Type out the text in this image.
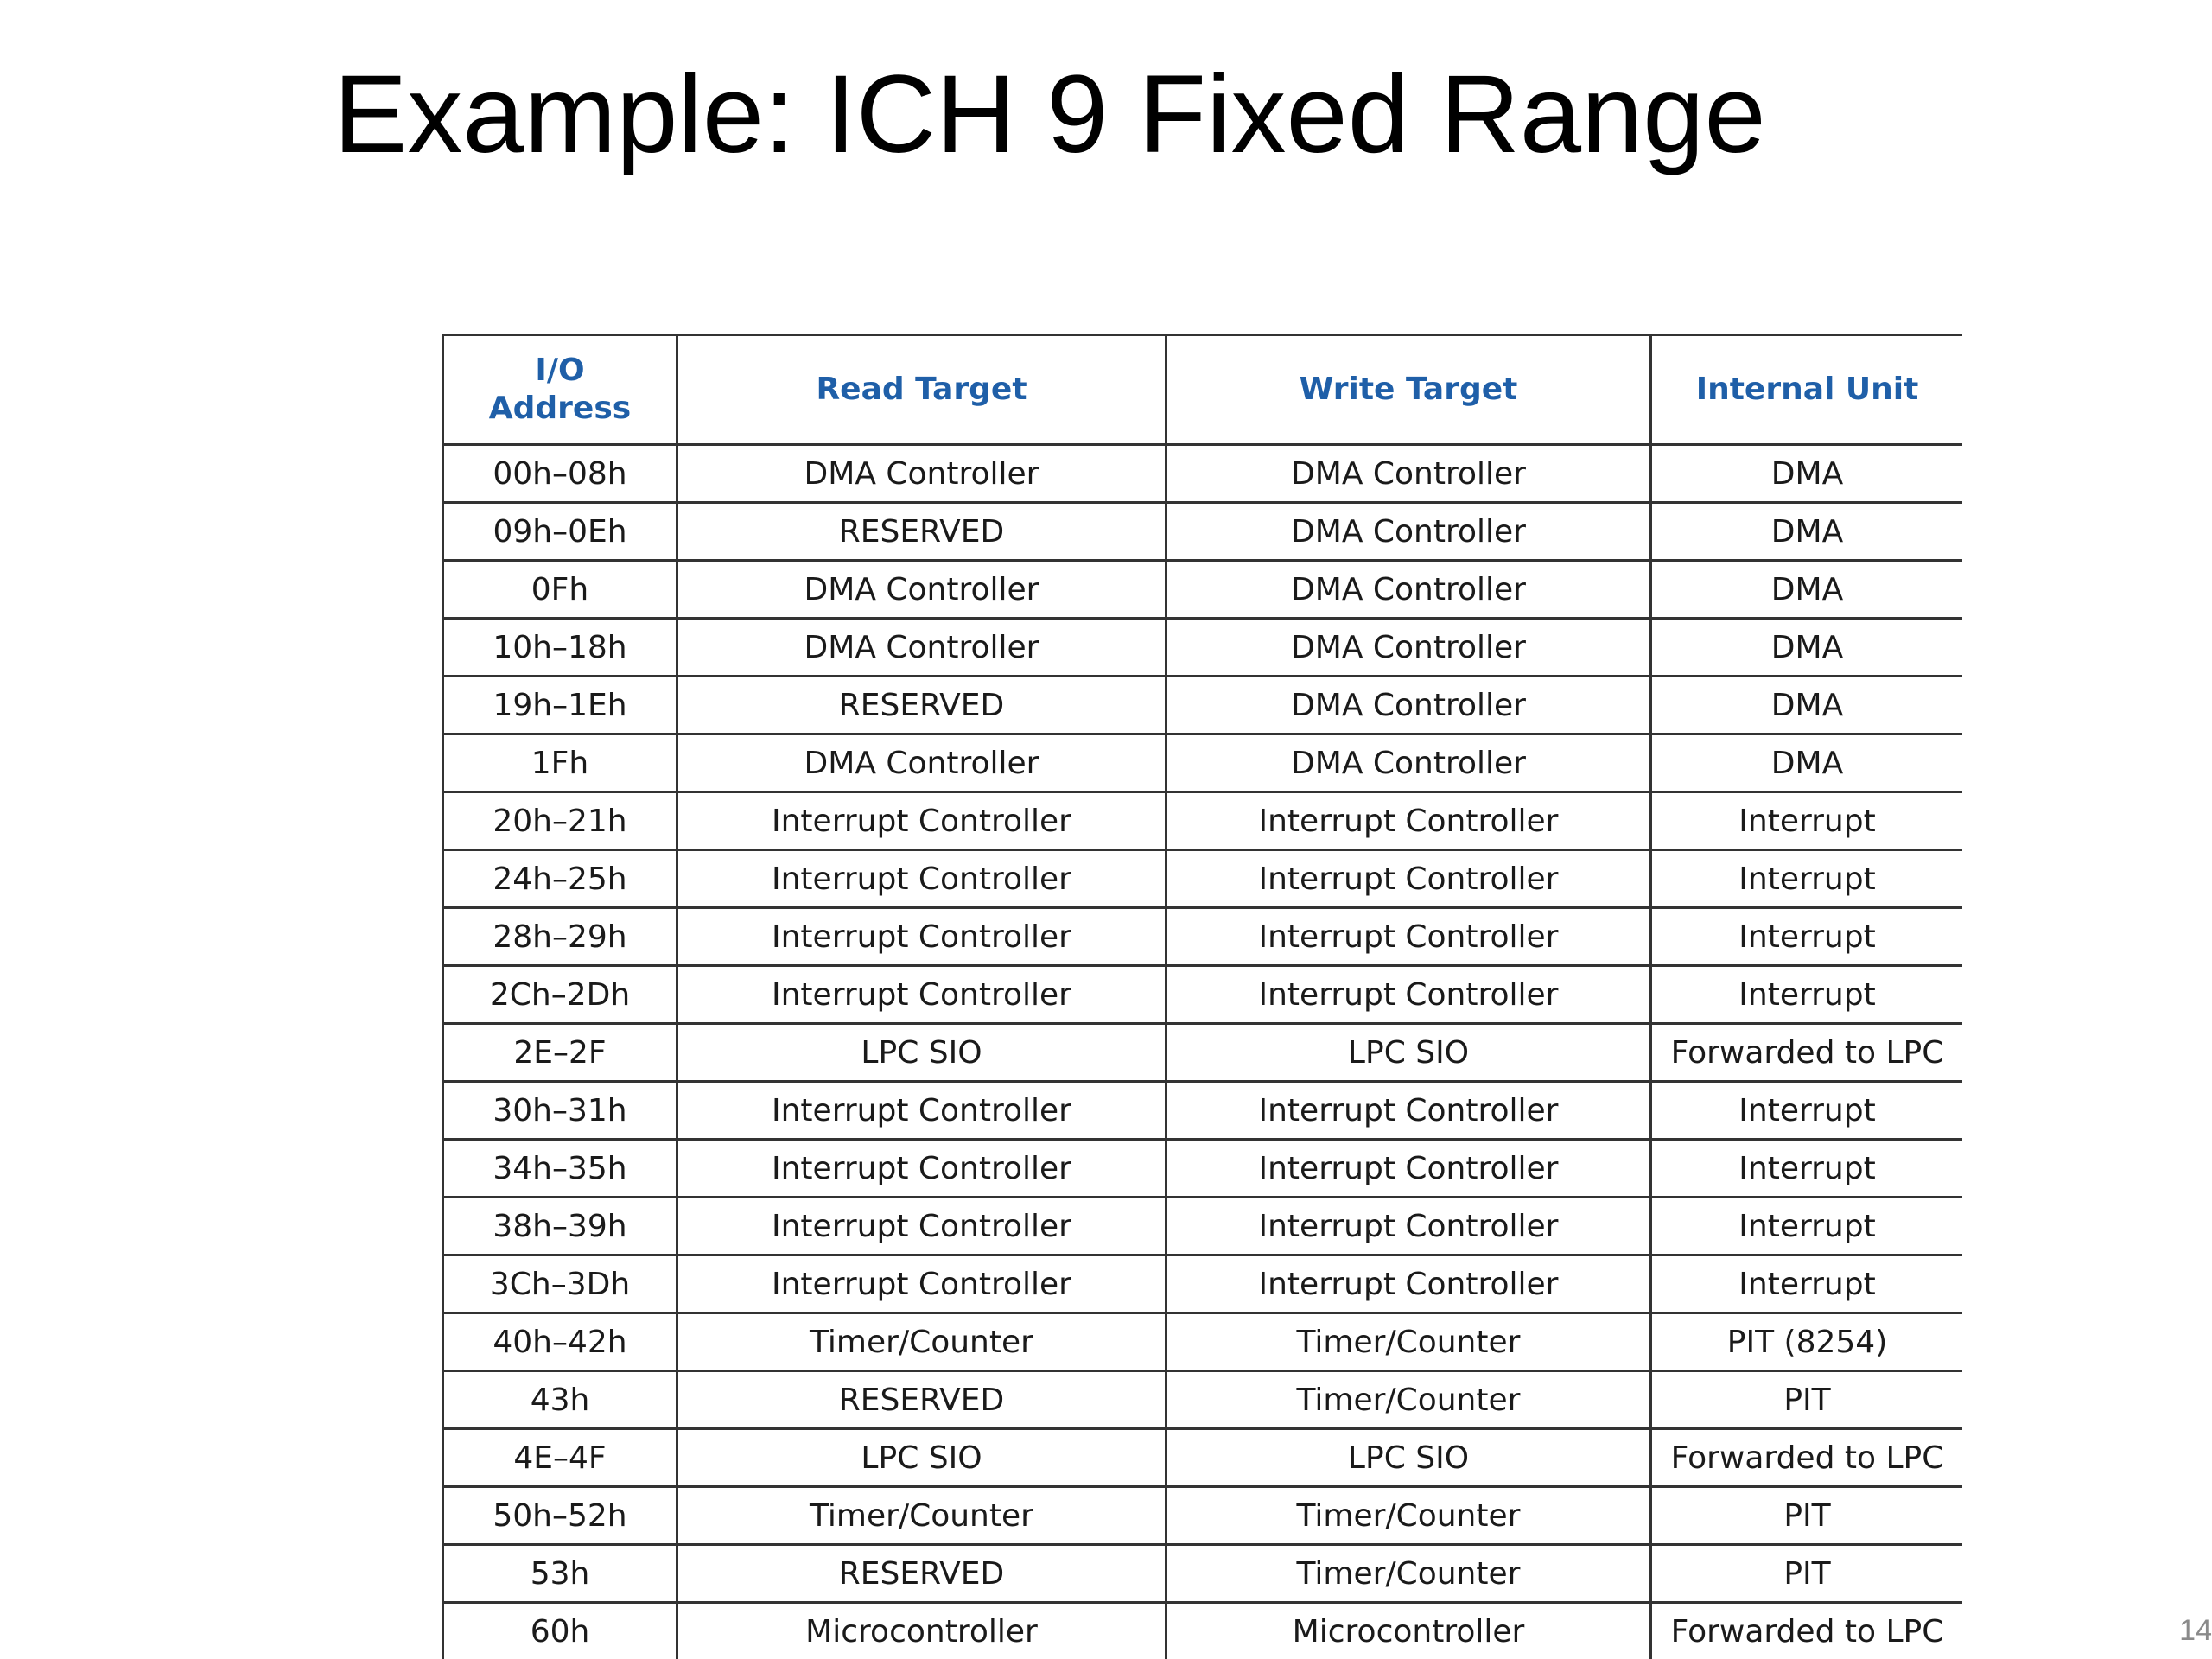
Example: ICH 9 Fixed Range
I/O
Address	Read Target	Write Target	Internal Unit
00h–08h	DMA Controller	DMA Controller	DMA
09h–0Eh	RESERVED	DMA Controller	DMA
0Fh	DMA Controller	DMA Controller	DMA
10h–18h	DMA Controller	DMA Controller	DMA
19h–1Eh	RESERVED	DMA Controller	DMA
1Fh	DMA Controller	DMA Controller	DMA
20h–21h	Interrupt Controller	Interrupt Controller	Interrupt
24h–25h	Interrupt Controller	Interrupt Controller	Interrupt
28h–29h	Interrupt Controller	Interrupt Controller	Interrupt
2Ch–2Dh	Interrupt Controller	Interrupt Controller	Interrupt
2E–2F	LPC SIO	LPC SIO	Forwarded to LPC
30h–31h	Interrupt Controller	Interrupt Controller	Interrupt
34h–35h	Interrupt Controller	Interrupt Controller	Interrupt
38h–39h	Interrupt Controller	Interrupt Controller	Interrupt
3Ch–3Dh	Interrupt Controller	Interrupt Controller	Interrupt
40h–42h	Timer/Counter	Timer/Counter	PIT (8254)
43h	RESERVED	Timer/Counter	PIT
4E–4F	LPC SIO	LPC SIO	Forwarded to LPC
50h–52h	Timer/Counter	Timer/Counter	PIT
53h	RESERVED	Timer/Counter	PIT
60h	Microcontroller	Microcontroller	Forwarded to LPC	14
